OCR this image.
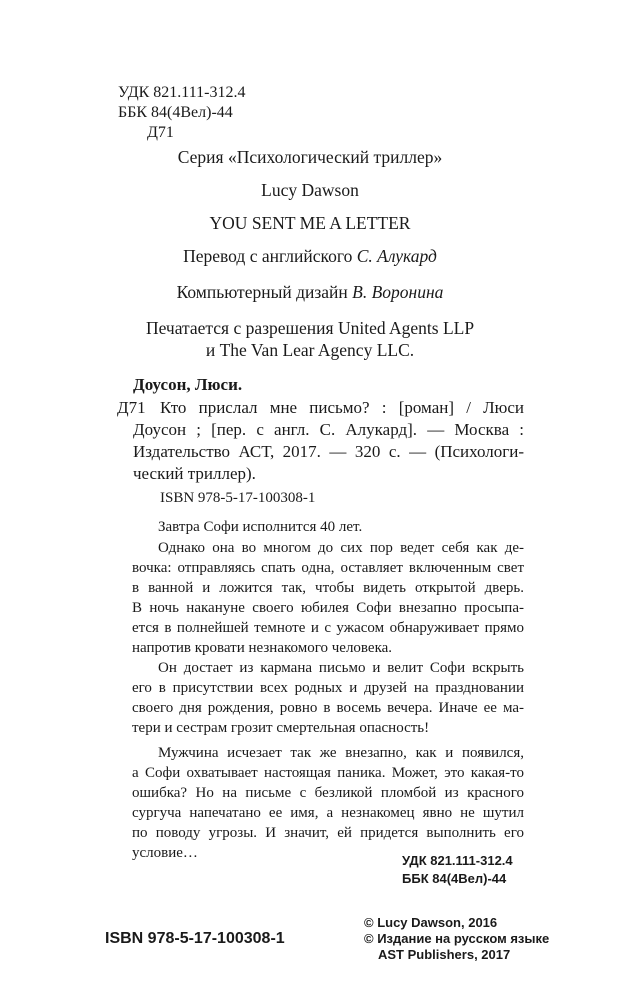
УДК 821.111-312.4

ББК 84(4Вел)-44

Д71

Серия «Психологический триллер»

Lucy Dawson

YOU SENT ME A LETTER

Перевод с английского С. Алукард

Компьютерный дизайн В. Воронина

Печатается с разрешения United Agents LLP

и The Van Lear Agency LLC.

Доусон, Люси.

Д71 Кто прислал мне письмо? : [роман] / Люси

Доусон ; [пер. с англ. С. Алукард]. — Москва :

Издательство АСТ, 2017. — 320 с. — (Психологи-

ческий триллер).

ISBN 978-5-17-100308-1

Завтра Софи исполнится 40 лет.

Однако она во многом до сих пор ведет себя как де-

вочка: отправляясь спать одна, оставляет включенным свет

в ванной и ложится так, чтобы видеть открытой дверь.

В ночь накануне своего юбилея Софи внезапно просыпа-

ется в полнейшей темноте и с ужасом обнаруживает прямо

напротив кровати незнакомого человека.

Он достает из кармана письмо и велит Софи вскрыть

его в присутствии всех родных и друзей на праздновании

своего дня рождения, ровно в восемь вечера. Иначе ее ма-

тери и сестрам грозит смертельная опасность!

Мужчина исчезает так же внезапно, как и появился,

а Софи охватывает настоящая паника. Может, это какая-то

ошибка? Но на письме с безликой пломбой из красного

сургуча напечатано ее имя, а незнакомец явно не шутил

по поводу угрозы. И значит, ей придется выполнить его

условие…	УДК 821.111-312.4

ББК 84(4Вел)-44

© Lucy Dawson, 2016

© Издание на русском языке

AST Publishers, 2017

ISBN 978-5-17-100308-1
